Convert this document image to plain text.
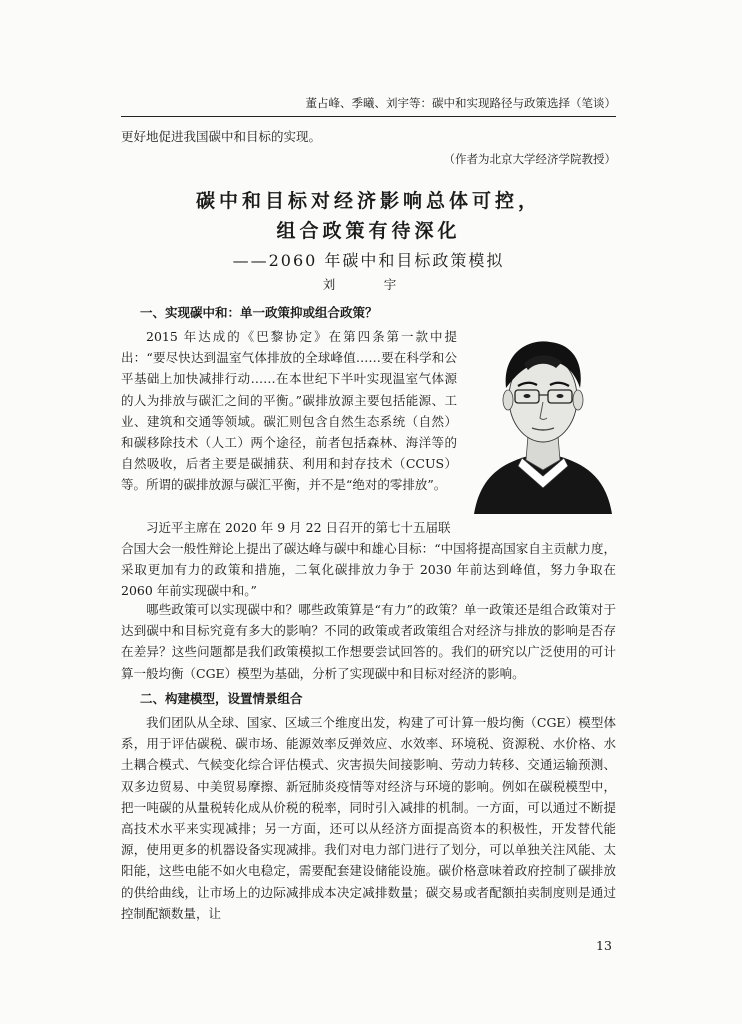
董占峰、季曦、刘宇等：碳中和实现路径与政策选择（笔谈）

更好地促进我国碳中和目标的实现。

（作者为北京大学经济学院教授）
碳中和目标对经济影响总体可控，
组合政策有待深化
——2060 年碳中和目标政策模拟
刘　宇
一、实现碳中和：单一政策抑或组合政策？

2015 年达成的《巴黎协定》在第四条第一款中提出：“要尽快达到温室气体排放的全球峰值……要在科学和公平基础上加快减排行动……在本世纪下半叶实现温室气体源的人为排放与碳汇之间的平衡。”碳排放源主要包括能源、工业、建筑和交通等领域。碳汇则包含自然生态系统（自然）和碳移除技术（人工）两个途径，前者包括森林、海洋等的自然吸收，后者主要是碳捕获、利用和封存技术（CCUS）等。所谓的碳排放源与碳汇平衡，并不是“绝对的零排放”。

习近平主席在 2020 年 9 月 22 日召开的第七十五届联

合国大会一般性辩论上提出了碳达峰与碳中和雄心目标：“中国将提高国家自主贡献力度，采取更加有力的政策和措施，二氧化碳排放力争于 2030 年前达到峰值，努力争取在 2060 年前实现碳中和。”

哪些政策可以实现碳中和？哪些政策算是“有力”的政策？单一政策还是组合政策对于达到碳中和目标究竟有多大的影响？不同的政策或者政策组合对经济与排放的影响是否存在差异？这些问题都是我们政策模拟工作想要尝试回答的。我们的研究以广泛使用的可计算一般均衡（CGE）模型为基础，分析了实现碳中和目标对经济的影响。

二、构建模型，设置情景组合

我们团队从全球、国家、区域三个维度出发，构建了可计算一般均衡（CGE）模型体系，用于评估碳税、碳市场、能源效率反弹效应、水效率、环境税、资源税、水价格、水土耦合模式、气候变化综合评估模式、灾害损失间接影响、劳动力转移、交通运输预测、双多边贸易、中美贸易摩擦、新冠肺炎疫情等对经济与环境的影响。例如在碳税模型中，把一吨碳的从量税转化成从价税的税率，同时引入减排的机制。一方面，可以通过不断提高技术水平来实现减排；另一方面，还可以从经济方面提高资本的积极性，开发替代能源，使用更多的机器设备实现减排。我们对电力部门进行了划分，可以单独关注风能、太阳能，这些电能不如火电稳定，需要配套建设储能设施。碳价格意味着政府控制了碳排放的供给曲线，让市场上的边际减排成本决定减排数量；碳交易或者配额拍卖制度则是通过控制配额数量，让

13
